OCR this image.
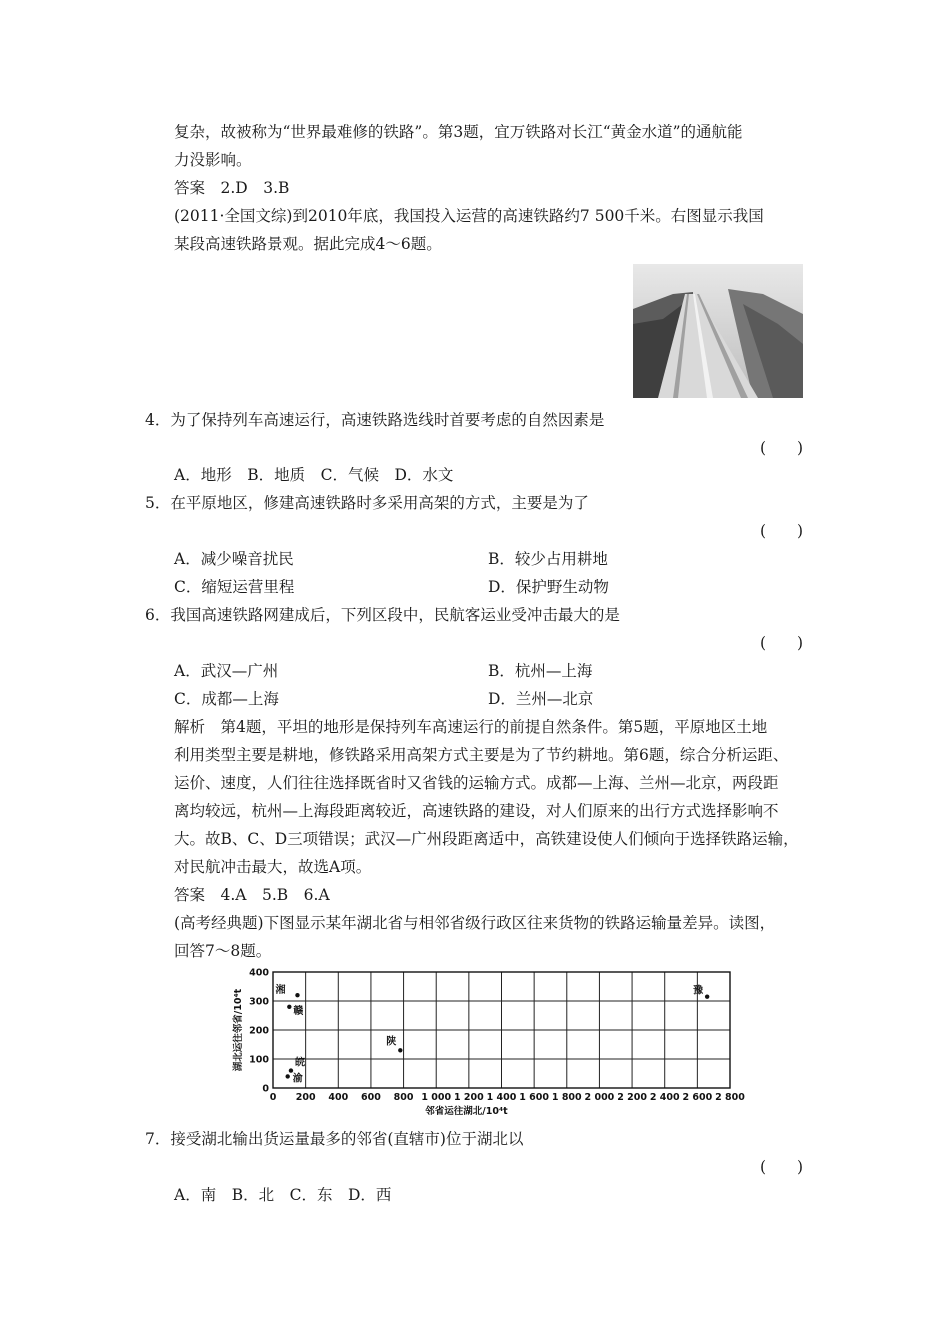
复杂，故被称为“世界最难修的铁路”。第3题，宜万铁路对长江“黄金水道”的通航能
力没影响。
答案　2.D　3.B
(2011·全国文综)到2010年底，我国投入运营的高速铁路约7 500千米。右图显示我国
某段高速铁路景观。据此完成4～6题。
4．为了保持列车高速运行，高速铁路选线时首要考虑的自然因素是
(　　)
A．地形　B．地质　C．气候　D．水文
5．在平原地区，修建高速铁路时多采用高架的方式，主要是为了
(　　)
A．减少噪音扰民	B．较少占用耕地
C．缩短运营里程	D．保护野生动物
6．我国高速铁路网建成后，下列区段中，民航客运业受冲击最大的是
(　　)
A．武汉—广州	B．杭州—上海
C．成都—上海	D．兰州—北京
解析　第4题，平坦的地形是保持列车高速运行的前提自然条件。第5题，平原地区土地
利用类型主要是耕地，修铁路采用高架方式主要是为了节约耕地。第6题，综合分析运距、
运价、速度，人们往往选择既省时又省钱的运输方式。成都—上海、兰州—北京，两段距
离均较远，杭州—上海段距离较近，高速铁路的建设，对人们原来的出行方式选择影响不
大。故B、C、D三项错误；武汉—广州段距离适中，高铁建设使人们倾向于选择铁路运输，
对民航冲击最大，故选A项。
答案　4.A　5.B　6.A
(高考经典题)下图显示某年湖北省与相邻省级行政区往来货物的铁路运输量差异。读图，
回答7～8题。
0 200 400 600 800 1 000 1 200 1 400 1 600 1 800 2 000 2 200 2 400 2 600 2 800
0
100
200
300
400
邻省运往湖北/10⁴t
湖北运往邻省/10⁴t	湘
赣
陕
皖
渝
豫
7．接受湖北输出货运量最多的邻省(直辖市)位于湖北以
(　　)
A．南　B．北　C．东　D．西
